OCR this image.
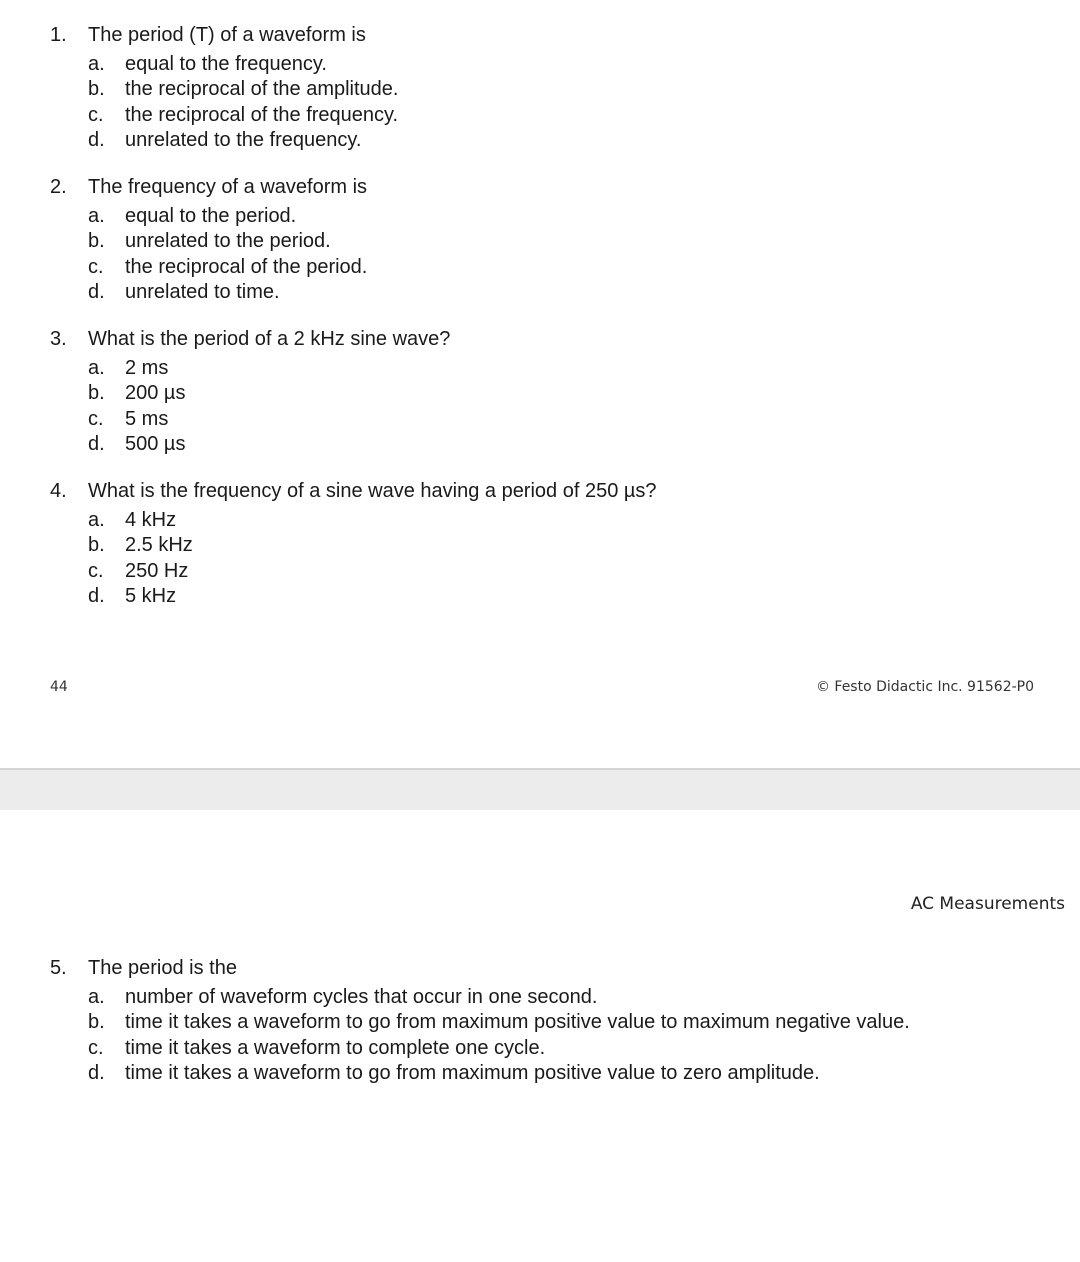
1.	The period (T) of a waveform is
a.	equal to the frequency.
b.	the reciprocal of the amplitude.
c.	the reciprocal of the frequency.
d.	unrelated to the frequency.
2.	The frequency of a waveform is
a.	equal to the period.
b.	unrelated to the period.
c.	the reciprocal of the period.
d.	unrelated to time.
3.	What is the period of a 2 kHz sine wave?
a.	2 ms
b.	200 µs
c.	5 ms
d.	500 µs
4.	What is the frequency of a sine wave having a period of 250 µs?
a.	4 kHz
b.	2.5 kHz
c.	250 Hz
d.	5 kHz
44	© Festo Didactic Inc. 91562-P0
AC Measurements
5.	The period is the
a.	number of waveform cycles that occur in one second.
b.	time it takes a waveform to go from maximum positive value to maximum negative value.
c.	time it takes a waveform to complete one cycle.
d.	time it takes a waveform to go from maximum positive value to zero amplitude.
